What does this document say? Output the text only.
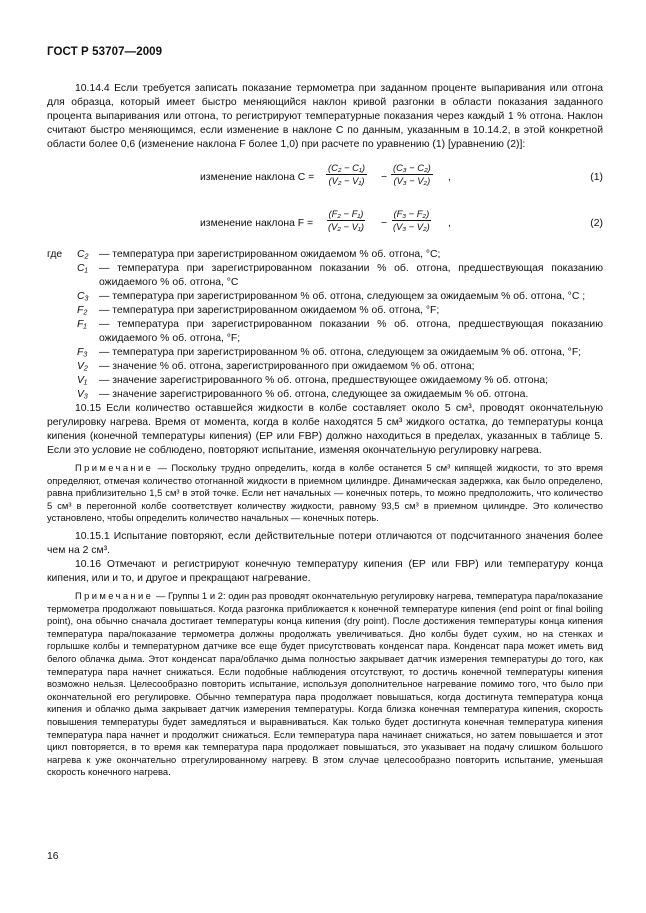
ГОСТ Р 53707—2009

10.14.4 Если требуется записать показание термометра при заданном проценте выпаривания или отгона для образца, который имеет быстро меняющийся наклон кривой разгонки в области показания заданного процента выпаривания или отгона, то регистрируют температурные показания через каждый 1 % отгона. Наклон считают быстро меняющимся, если изменение в наклоне C по данным, указанным в 10.14.2, в этой конкретной области более 0,6 (изменение наклона F более 1,0) при расчете по уравнению (1) [уравнению (2)]:

изменение наклона $C = \frac{\text{(C₂ − C₁)}}{\text{(V₂ − V₁)}} - \frac{\text{(C₃ − C₂)}}{\text{(V₃ − V₂)}}$ ,	(1)
изменение наклона $F = \frac{\text{(F₂ − F₁)}}{\text{(V₂ − V₁)}} - \frac{\text{(F₃ − F₂)}}{\text{(V₃ − V₂)}}$ ,	(2)
где	C₂	— температура при зарегистрированном ожидаемом % об. отгона, °C;
C₁	— температура при зарегистрированном показании % об. отгона, предшествующая показанию ожидаемого % об. отгона, °C
C₃ — температура при зарегистрированном % об. отгона, следующем за ожидаемым % об. отгона, °C ;
F₂	— температура при зарегистрированном ожидаемом % об. отгона, °F;
F₁	— температура при зарегистрированном показании % об. отгона, предшествующая показанию ожидаемого % об. отгона, °F;
F₃	— температура при зарегистрированном % об. отгона, следующем за ожидаемым % об. отгона, °F;
V₂	— значение % об. отгона, зарегистрированного при ожидаемом % об. отгона;
V₁	— значение зарегистрированного % об. отгона, предшествующее ожидаемому % об. отгона;
V₃	— значение зарегистрированного % об. отгона, следующее за ожидаемым % об. отгона.

10.15 Если количество оставшейся жидкости в колбе составляет около 5 см³, проводят окончательную регулировку нагрева. Время от момента, когда в колбе находятся 5 см³ жидкого остатка, до температуры конца кипения (конечной температуры кипения) (EP или FBP) должно находиться в пределах, указанных в таблице 5. Если это условие не соблюдено, повторяют испытание, изменяя окончательную регулировку нагрева.

Примечание — Поскольку трудно определить, когда в колбе останется 5 см³ кипящей жидкости, то это время определяют, отмечая количество отогнанной жидкости в приемном цилиндре. Динамическая задержка, как было определено, равна приблизительно 1,5 см³ в этой точке. Если нет начальных — конечных потерь, то можно предположить, что количество 5 см³ в перегонной колбе соответствует количеству жидкости, равному 93,5 см³ в приемном цилиндре. Это количество установлено, чтобы определить количество начальных — конечных потерь.

10.15.1 Испытание повторяют, если действительные потери отличаются от подсчитанного значения более чем на 2 см³.

10.16 Отмечают и регистрируют конечную температуру кипения (EP или FBP) или температуру конца кипения, или и то, и другое и прекращают нагревание.

Примечание — Группы 1 и 2: один раз проводят окончательную регулировку нагрева, температура пара/показание термометра продолжают повышаться. Когда разгонка приближается к конечной температуре кипения (end point or final boiling point), она обычно сначала достигает температуры конца кипения (dry point). После достижения температуры конца кипения температура пара/показание термометра должны продолжать увеличиваться. Дно колбы будет сухим, но на стенках и горлышке колбы и температурном датчике все еще будет присутствовать конденсат пара. Конденсат пара может иметь вид белого облачка дыма. Этот конденсат пара/облачко дыма полностью закрывает датчик измерения температуры до того, как температура пара начнет снижаться. Если подобные наблюдения отсутствуют, то достичь конечной температуры кипения возможно нельзя. Целесообразно повторить испытание, используя дополнительное нагревание помимо того, что было при окончательной его регулировке. Обычно температура пара продолжает повышаться, когда достигнута температура конца кипения и облачко дыма закрывает датчик измерения температуры. Когда близка конечная температура кипения, скорость повышения температуры будет замедляться и выравниваться. Как только будет достигнута конечная температура кипения температура пара начнет и продолжит снижаться. Если температура пара начинает снижаться, но затем повышается и этот цикл повторяется, в то время как температура пара продолжает повышаться, это указывает на подачу слишком большого нагрева к уже окончательно отрегулированному нагреву. В этом случае целесообразно повторить испытание, уменьшая скорость конечного нагрева.

16
